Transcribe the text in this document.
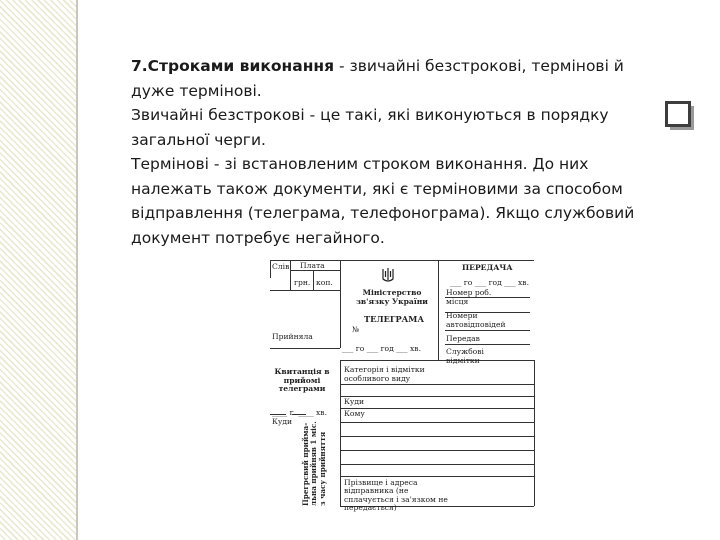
7.Строками виконання - звичайні безстрокові, термінові й дуже термінові.

Звичайні безстрокові - це такі, які виконуються в порядку загальної черги.

Термінові - зі встановленим строком виконання. До них належать також документи, які є терміновими за способом відправлення (телеграма, телефонограма). Якщо службовий документ потребує негайного.

Слів Плата
грн. коп.
Міністерство зв'язку України
ТЕЛЕГРАМА
№
___ го ___ год ___ хв.
ПЕРЕДАЧА
___ го ___ год ___ хв.
Номер роб. місця
Номери автовідповідей
Передав
Службові відмітки
Прийняла
Квитанція в прийомі телеграми
____ г. ____ хв.
Куди
Категорія і відмітки особливого виду
Куди
Кому
Прегрсвий прийма- льна прийняв 1 міс. з часу прийняття Прізвище і адреса відправника (не сплачується і за'язком не передається)
